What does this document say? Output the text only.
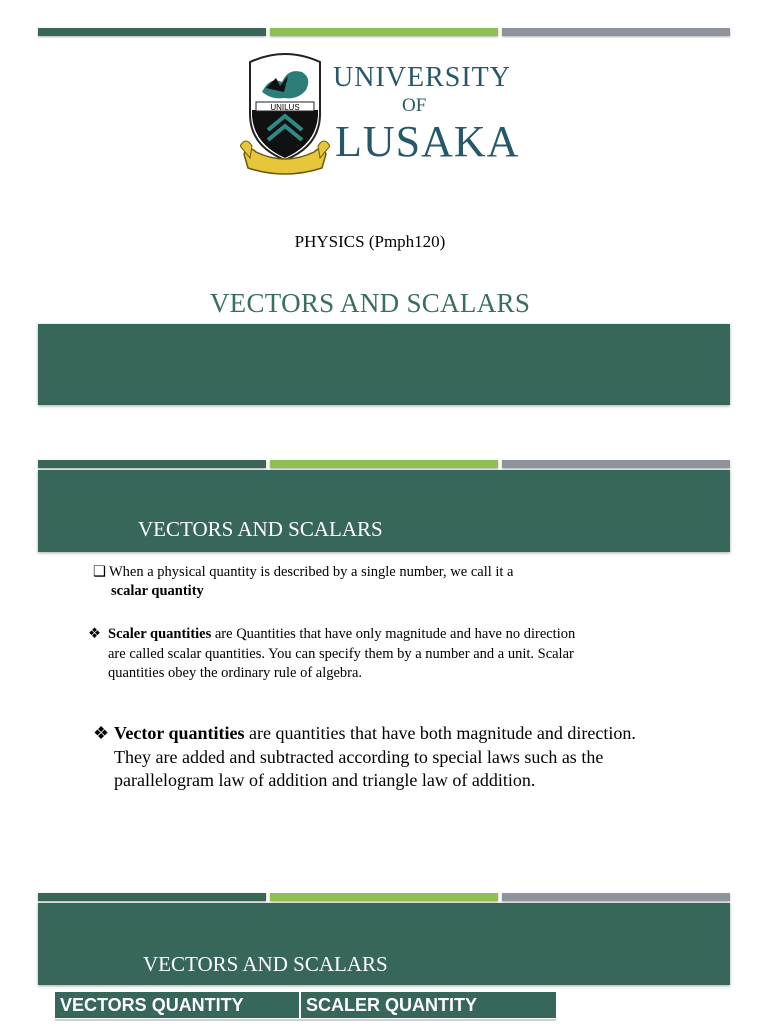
UNILUS
UNIVERSITY
OF
LUSAKA
PHYSICS (Pmph120)
VECTORS AND SCALARS
VECTORS AND SCALARS
❑ When a physical quantity is described by a single number, we call it a
scalar quantity
❖ Scaler quantities are Quantities that have only magnitude and have no direction
are called scalar quantities. You can specify them by a number and a unit. Scalar
quantities obey the ordinary rule of algebra.
❖ Vector quantities are quantities that have both magnitude and direction.
They are added and subtracted according to special laws such as the
parallelogram law of addition and triangle law of addition.
VECTORS AND SCALARS
VECTORS QUANTITY	SCALER QUANTITY
